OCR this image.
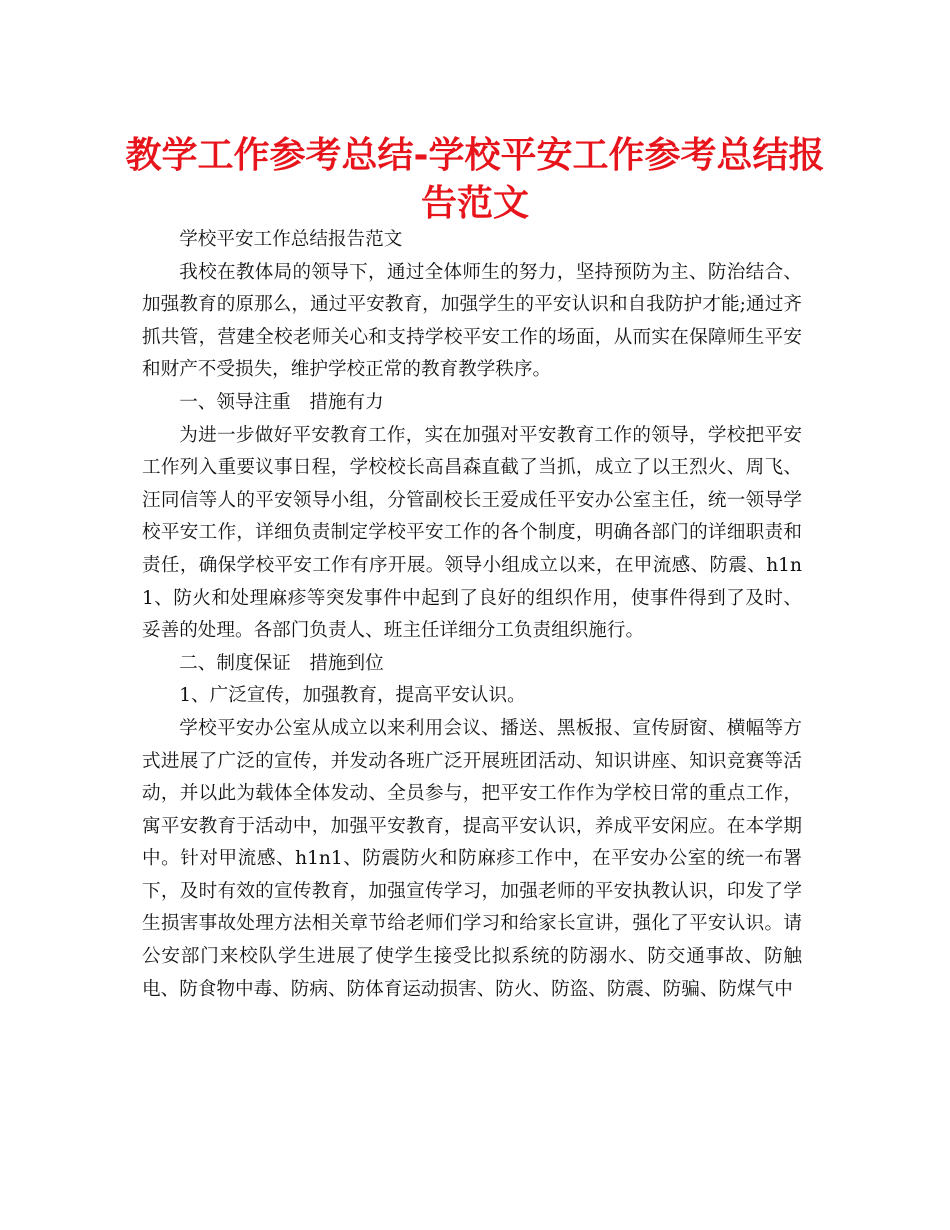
教学工作参考总结-学校平安工作参考总结报告范文

学校平安工作总结报告范文

我校在教体局的领导下，通过全体师生的努力，坚持预防为主、防治结合、加强教育的原那么，通过平安教育，加强学生的平安认识和自我防护才能;通过齐抓共管，营建全校老师关心和支持学校平安工作的场面，从而实在保障师生平安和财产不受损失，维护学校正常的教育教学秩序。

一、领导注重　措施有力

为进一步做好平安教育工作，实在加强对平安教育工作的领导，学校把平安工作列入重要议事日程，学校校长高昌森直截了当抓，成立了以王烈火、周飞、汪同信等人的平安领导小组，分管副校长王爱成任平安办公室主任，统一领导学校平安工作，详细负责制定学校平安工作的各个制度，明确各部门的详细职责和责任，确保学校平安工作有序开展。领导小组成立以来，在甲流感、防震、h1n1、防火和处理麻疹等突发事件中起到了良好的组织作用，使事件得到了及时、妥善的处理。各部门负责人、班主任详细分工负责组织施行。

二、制度保证　措施到位

1、广泛宣传，加强教育，提高平安认识。

学校平安办公室从成立以来利用会议、播送、黑板报、宣传厨窗、横幅等方式进展了广泛的宣传，并发动各班广泛开展班团活动、知识讲座、知识竞赛等活动，并以此为载体全体发动、全员参与，把平安工作作为学校日常的重点工作，寓平安教育于活动中，加强平安教育，提高平安认识，养成平安闲应。在本学期中。针对甲流感、h1n1、防震防火和防麻疹工作中，在平安办公室的统一布署下，及时有效的宣传教育，加强宣传学习，加强老师的平安执教认识，印发了学生损害事故处理方法相关章节给老师们学习和给家长宣讲，强化了平安认识。请公安部门来校队学生进展了使学生接受比拟系统的防溺水、防交通事故、防触电、防食物中毒、防病、防体育运动损害、防火、防盗、防震、防骗、防煤气中
